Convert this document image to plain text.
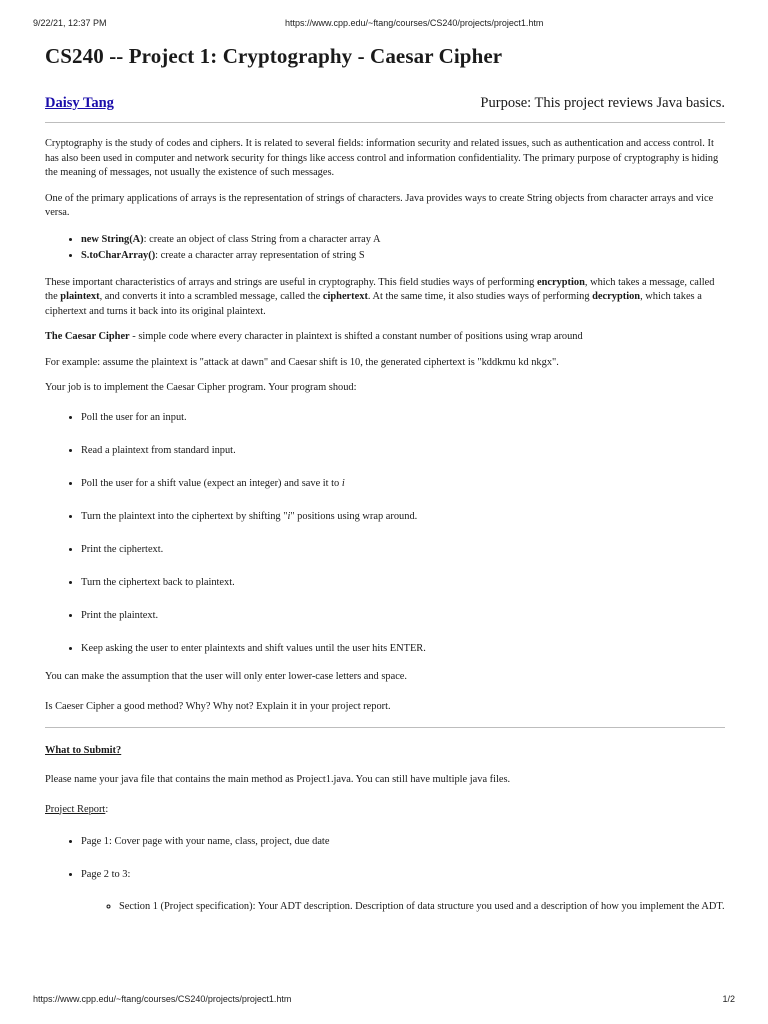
9/22/21, 12:37 PM	https://www.cpp.edu/~ftang/courses/CS240/projects/project1.htm
CS240 -- Project 1: Cryptography - Caesar Cipher
Daisy Tang	Purpose: This project reviews Java basics.

Cryptography is the study of codes and ciphers. It is related to several fields: information security and related issues, such as authentication and access control. It has also been used in computer and network security for things like access control and information confidentiality. The primary purpose of cryptography is hiding the meaning of messages, not usually the existence of such messages.

One of the primary applications of arrays is the representation of strings of characters. Java provides ways to create String objects from character arrays and vice versa.

• new String(A): create an object of class String from a character array A
• S.toCharArray(): create a character array representation of string S

These important characteristics of arrays and strings are useful in cryptography. This field studies ways of performing encryption, which takes a message, called the plaintext, and converts it into a scrambled message, called the ciphertext. At the same time, it also studies ways of performing decryption, which takes a ciphertext and turns it back into its original plaintext.

The Caesar Cipher - simple code where every character in plaintext is shifted a constant number of positions using wrap around

For example: assume the plaintext is "attack at dawn" and Caesar shift is 10, the generated ciphertext is "kddkmu kd nkgx".

Your job is to implement the Caesar Cipher program. Your program shoud:

• Poll the user for an input.
• Read a plaintext from standard input.
• Poll the user for a shift value (expect an integer) and save it to i
• Turn the plaintext into the ciphertext by shifting "i" positions using wrap around.
• Print the ciphertext.
• Turn the ciphertext back to plaintext.
• Print the plaintext.
• Keep asking the user to enter plaintexts and shift values until the user hits ENTER.

You can make the assumption that the user will only enter lower-case letters and space.

Is Caeser Cipher a good method? Why? Why not? Explain it in your project report.

What to Submit?

Please name your java file that contains the main method as Project1.java. You can still have multiple java files.

Project Report:

• Page 1: Cover page with your name, class, project, due date
• Page 2 to 3:
◦ Section 1 (Project specification): Your ADT description. Description of data structure you used and a description of how you implement the ADT.
https://www.cpp.edu/~ftang/courses/CS240/projects/project1.htm	1/2
